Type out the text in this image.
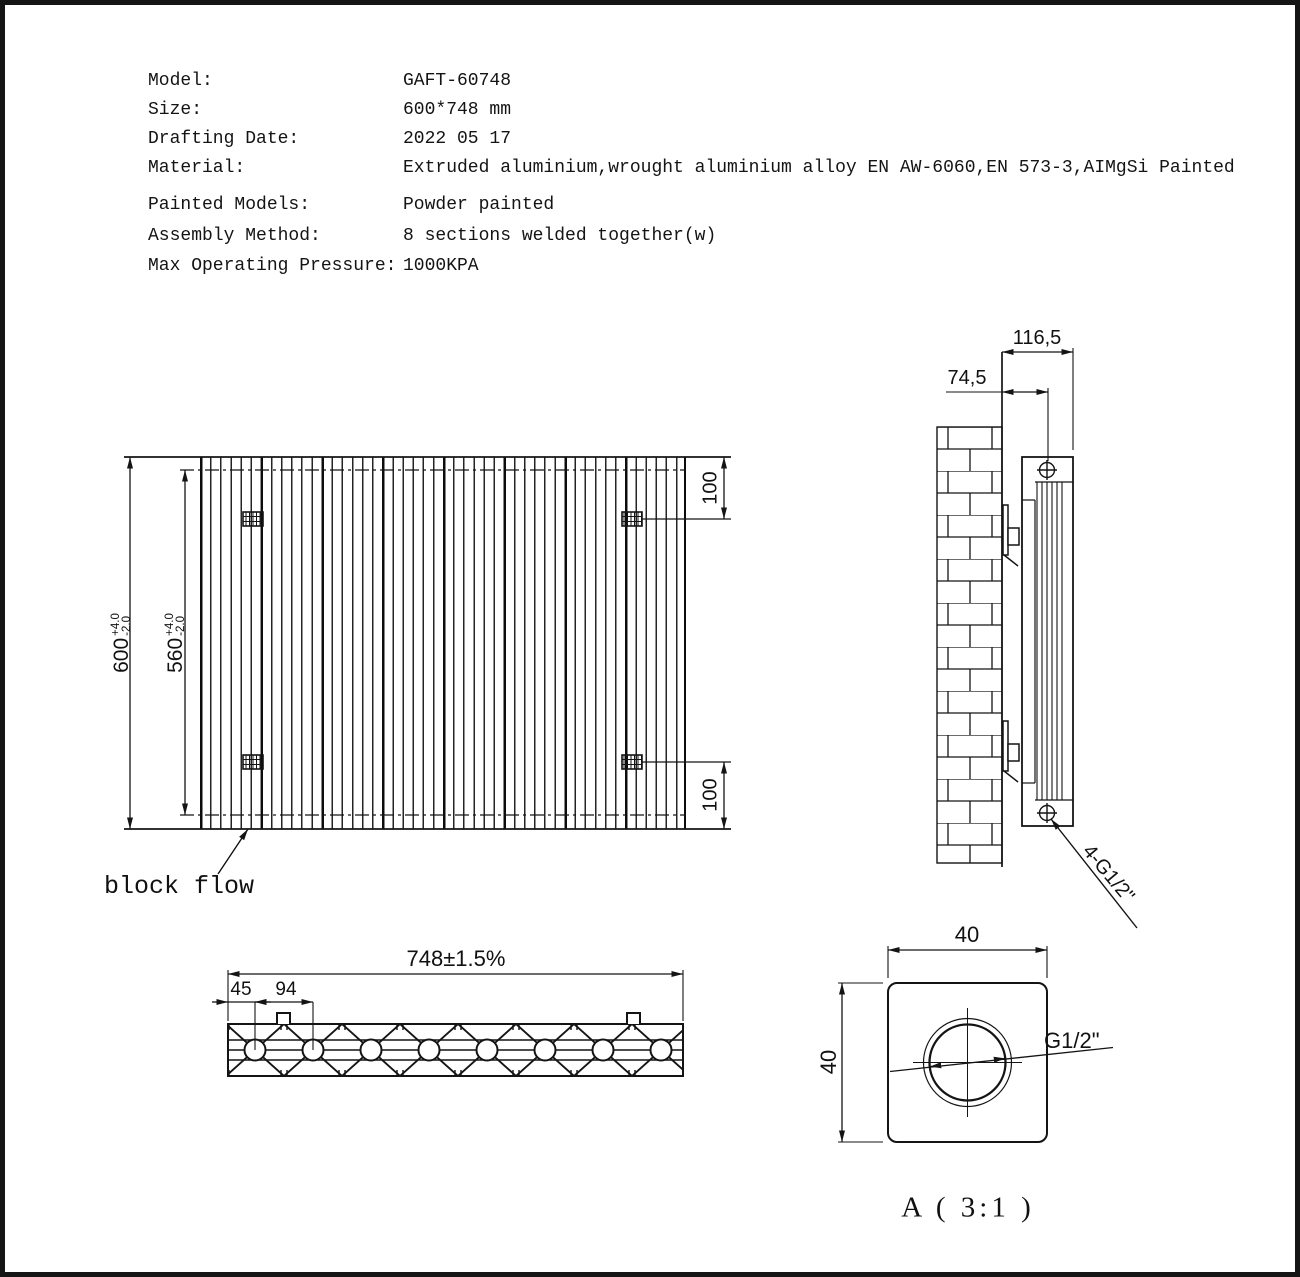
Model:	GAFT-60748
Size:	600*748 mm
Drafting Date:	2022 05 17
Material:	Extruded aluminium,wrought aluminium alloy EN AW-6060,EN 573-3,AIMgSi Painted
Painted Models:	Powder painted
Assembly Method:	8 sections welded together(w)
Max Operating Pressure: 1000KPA
600
+4.0 -2.0
560
+4.0 -2.0
100
100
block flow
116,5
74,5
4-G1/2"
748±1.5%
45 94
40
40
G1/2"
A ( 3:1 )
